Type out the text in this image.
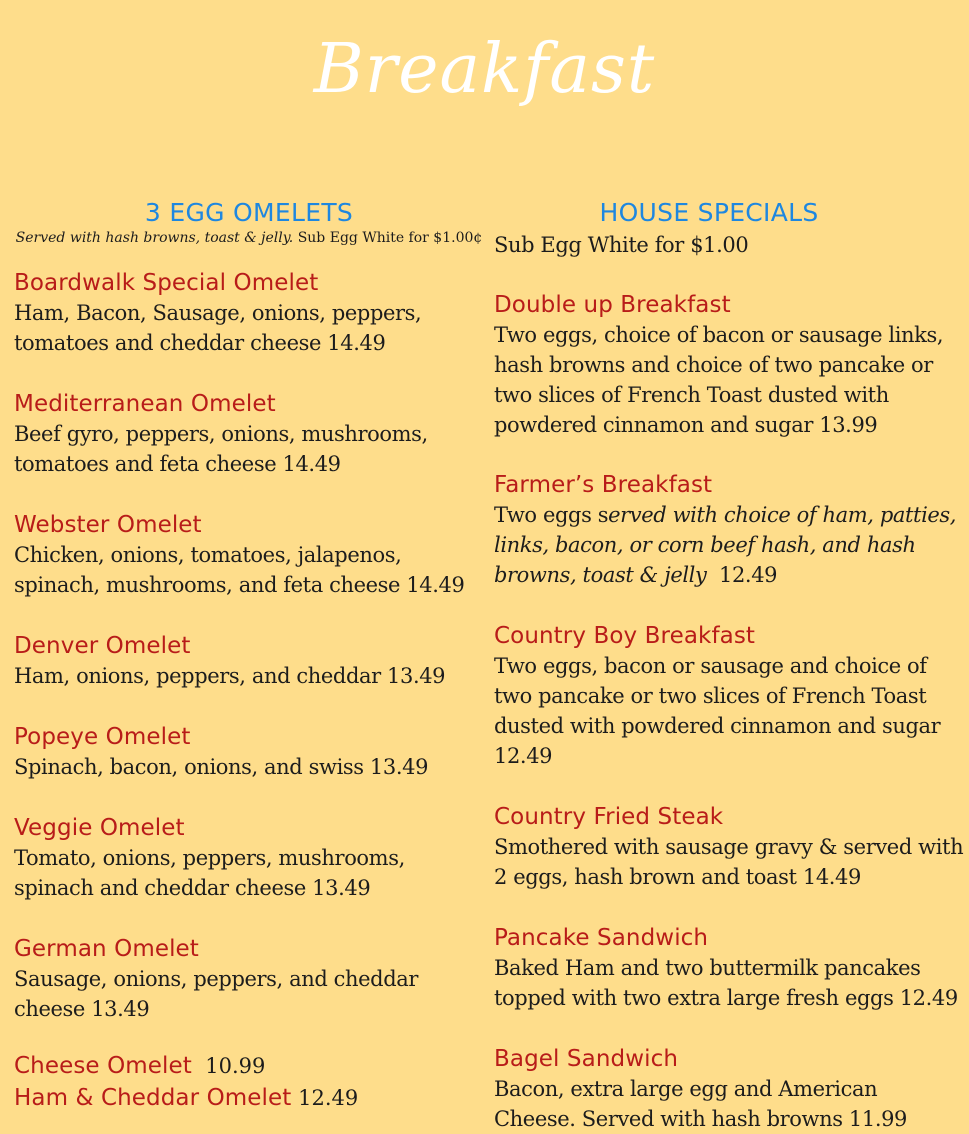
Breakfast
3 EGG OMELETS
Served with hash browns, toast & jelly. Sub Egg White for $1.00¢
Boardwalk Special Omelet
Ham, Bacon, Sausage, onions, peppers, tomatoes and cheddar cheese 14.49
Mediterranean Omelet
Beef gyro, peppers, onions, mushrooms, tomatoes and feta cheese 14.49
Webster Omelet
Chicken, onions, tomatoes, jalapenos, spinach, mushrooms, and feta cheese 14.49
Denver Omelet
Ham, onions, peppers, and cheddar 13.49
Popeye Omelet
Spinach, bacon, onions, and swiss 13.49
Veggie Omelet
Tomato, onions, peppers, mushrooms, spinach and cheddar cheese 13.49
German Omelet
Sausage, onions, peppers, and cheddar cheese 13.49
Cheese Omelet  10.99
Ham & Cheddar Omelet 12.49
HOUSE SPECIALS
Sub Egg White for $1.00
Double up Breakfast
Two eggs, choice of bacon or sausage links, hash browns and choice of two pancake or two slices of French Toast dusted with powdered cinnamon and sugar 13.99
Farmer’s Breakfast
Two eggs served with choice of ham, patties, links, bacon, or corn beef hash, and hash browns, toast & jelly  12.49
Country Boy Breakfast
Two eggs, bacon or sausage and choice of two pancake or two slices of French Toast dusted with powdered cinnamon and sugar 12.49
Country Fried Steak
Smothered with sausage gravy & served with 2 eggs, hash brown and toast 14.49
Pancake Sandwich
Baked Ham and two buttermilk pancakes topped with two extra large fresh eggs 12.49
Bagel Sandwich
Bacon, extra large egg and American Cheese. Served with hash browns 11.99
